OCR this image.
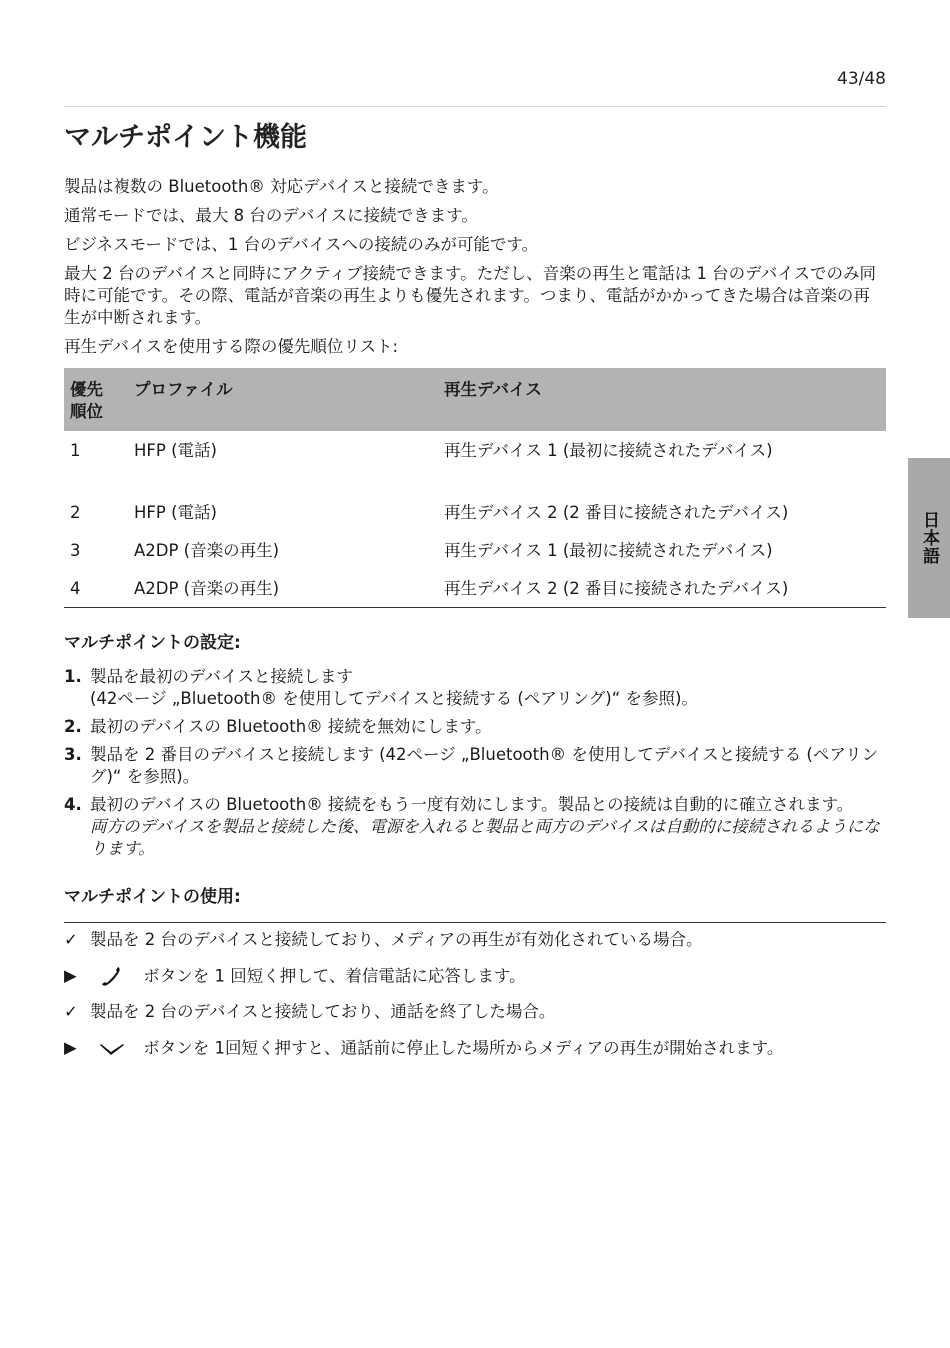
43/48
日本語
マルチポイント機能

製品は複数の Bluetooth® 対応デバイスと接続できます。

通常モードでは、最大 8 台のデバイスに接続できます。

ビジネスモードでは、1 台のデバイスへの接続のみが可能です。

最大 2 台のデバイスと同時にアクティブ接続できます。ただし、音楽の再生と電話は 1 台のデバイスでのみ同時に可能です。その際、電話が音楽の再生よりも優先されます。つまり、電話がかかってきた場合は音楽の再生が中断されます。

再生デバイスを使用する際の優先順位リスト:

優先順位	プロファイル	再生デバイス
1	HFP (電話)	再生デバイス 1 (最初に接続されたデバイス)
2	HFP (電話)	再生デバイス 2 (2 番目に接続されたデバイス)
3	A2DP (音楽の再生)	再生デバイス 1 (最初に接続されたデバイス)
4	A2DP (音楽の再生)	再生デバイス 2 (2 番目に接続されたデバイス)
マルチポイントの設定:
1. 製品を最初のデバイスと接続します
(42ページ „Bluetooth® を使用してデバイスと接続する (ペアリング)“ を参照)。
2. 最初のデバイスの Bluetooth® 接続を無効にします。
3. 製品を 2 番目のデバイスと接続します (42ページ „Bluetooth® を使用してデバイスと接続する (ペアリング)“ を参照)。
4. 最初のデバイスの Bluetooth® 接続をもう一度有効にします。製品との接続は自動的に確立されます。
両方のデバイスを製品と接続した後、電源を入れると製品と両方のデバイスは自動的に接続されるようになります。
マルチポイントの使用:
✓ 製品を 2 台のデバイスと接続しており、メディアの再生が有効化されている場合。
▶	ボタンを 1 回短く押して、着信電話に応答します。
✓ 製品を 2 台のデバイスと接続しており、通話を終了した場合。
▶	ボタンを 1回短く押すと、通話前に停止した場所からメディアの再生が開始されます。
